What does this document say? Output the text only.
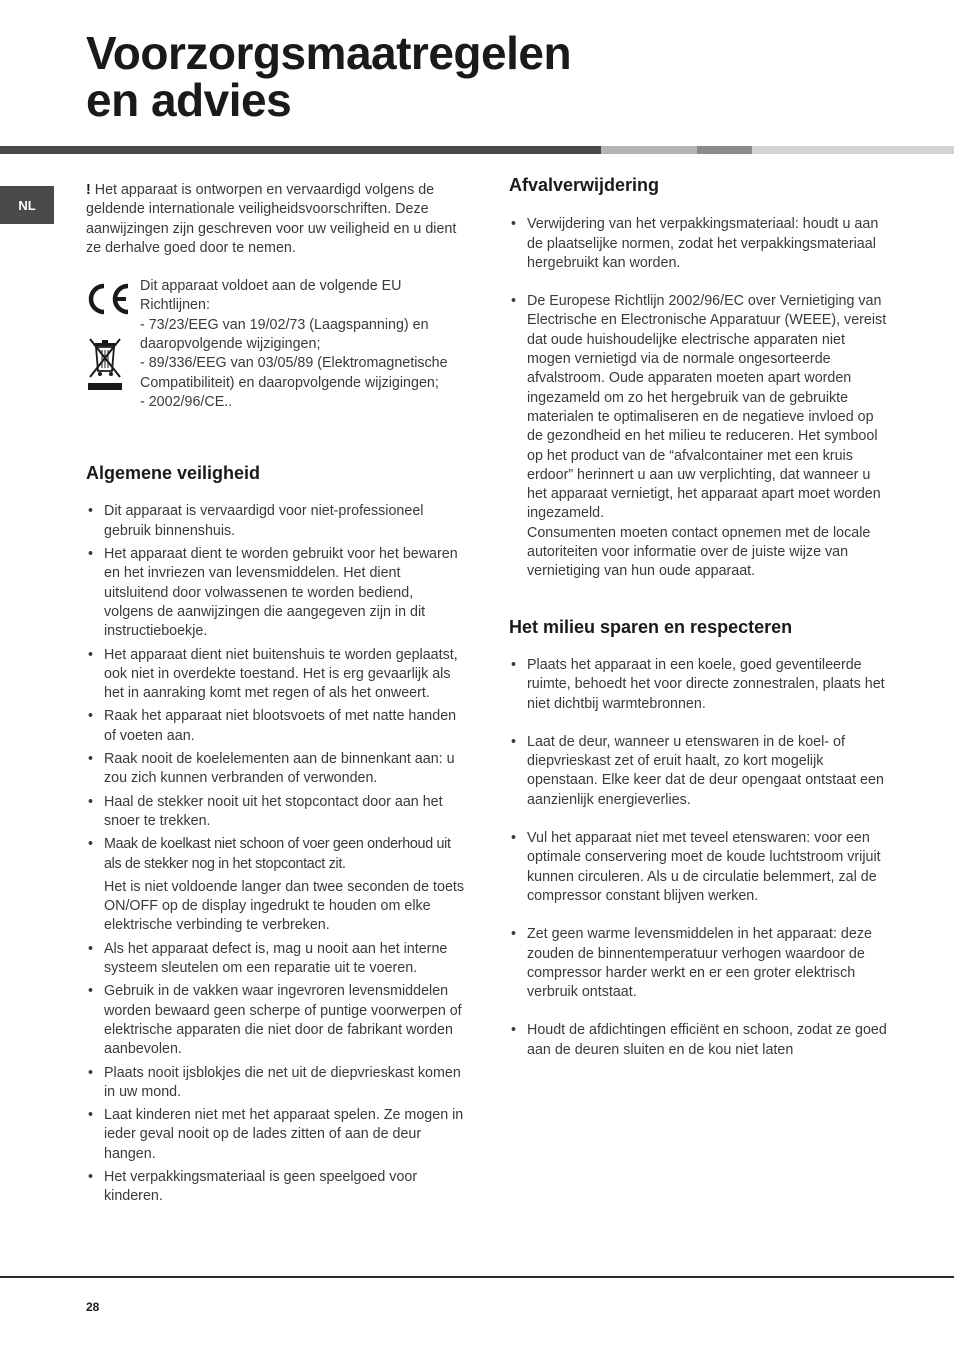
Voorzorgsmaatregelen
en advies
NL

! Het apparaat is ontworpen en vervaardigd volgens de geldende internationale veiligheidsvoorschriften. Deze aanwijzingen zijn geschreven voor uw veiligheid en u dient ze derhalve goed door te nemen.

Dit apparaat voldoet aan de volgende EU Richtlijnen:
- 73/23/EEG van 19/02/73 (Laagspanning) en daaropvolgende wijzigingen;
- 89/336/EEG van 03/05/89 (Elektromagnetische Compatibiliteit) en daaropvolgende wijzigingen;
- 2002/96/CE..
Algemene veiligheid
• Dit apparaat is vervaardigd voor niet-professioneel gebruik binnenshuis.
• Het apparaat dient te worden gebruikt voor het bewaren en het invriezen van levensmiddelen. Het dient uitsluitend door volwassenen te worden bediend, volgens de aanwijzingen die aangegeven zijn in dit instructieboekje.
• Het apparaat dient niet buitenshuis te worden geplaatst, ook niet in overdekte toestand. Het is erg gevaarlijk als het in aanraking komt met regen of als het onweert.
• Raak het apparaat niet blootsvoets of met natte handen of voeten aan.
• Raak nooit de koelelementen aan de binnenkant aan: u zou zich kunnen verbranden of verwonden.
• Haal de stekker nooit uit het stopcontact door aan het snoer te trekken.
• Maak de koelkast niet schoon of voer geen onderhoud uit als de stekker nog in het stopcontact zit.
Het is niet voldoende langer dan twee seconden de toets ON/OFF op de display ingedrukt te houden om elke elektrische verbinding te verbreken.
• Als het apparaat defect is, mag u nooit aan het interne systeem sleutelen om een reparatie uit te voeren.
• Gebruik in de vakken waar ingevroren levensmiddelen worden bewaard geen scherpe of puntige voorwerpen of elektrische apparaten die niet door de fabrikant worden aanbevolen.
• Plaats nooit ijsblokjes die net uit de diepvrieskast komen in uw mond.
• Laat kinderen niet met het apparaat spelen. Ze mogen in ieder geval nooit op de lades zitten of aan de deur hangen.
• Het verpakkingsmateriaal is geen speelgoed voor kinderen.
Afvalverwijdering
• Verwijdering van het verpakkingsmateriaal: houdt u aan de plaatselijke normen, zodat het verpakkingsmateriaal hergebruikt kan worden.
• De Europese Richtlijn 2002/96/EC over Vernietiging van Electrische en Electronische Apparatuur (WEEE), vereist dat oude huishoudelijke electrische apparaten niet mogen vernietigd via de normale ongesorteerde afvalstroom. Oude apparaten moeten apart worden ingezameld om zo het hergebruik van de gebruikte materialen te optimaliseren en de negatieve invloed op de gezondheid en het milieu te reduceren. Het symbool op het product van de “afvalcontainer met een kruis erdoor” herinnert u aan uw verplichting, dat wanneer u het apparaat vernietigt, het apparaat apart moet worden ingezameld.
Consumenten moeten contact opnemen met de locale autoriteiten voor informatie over de juiste wijze van vernietiging van hun oude apparaat.
Het milieu sparen en respecteren
• Plaats het apparaat in een koele, goed geventileerde ruimte, behoedt het voor directe zonnestralen, plaats het niet dichtbij warmtebronnen.
• Laat de deur, wanneer u etenswaren in de koel- of diepvrieskast zet of eruit haalt, zo kort mogelijk openstaan. Elke keer dat de deur opengaat ontstaat een aanzienlijk energieverlies.
• Vul het apparaat niet met teveel etenswaren: voor een optimale conservering moet de koude luchtstroom vrijuit kunnen circuleren. Als u de circulatie belemmert, zal de compressor constant blijven werken.
• Zet geen warme levensmiddelen in het apparaat: deze zouden de binnentemperatuur verhogen waardoor de compressor harder werkt en er een groter elektrisch verbruik ontstaat.
• Houdt de afdichtingen efficiënt en schoon, zodat ze goed aan de deuren sluiten en de kou niet laten
28
